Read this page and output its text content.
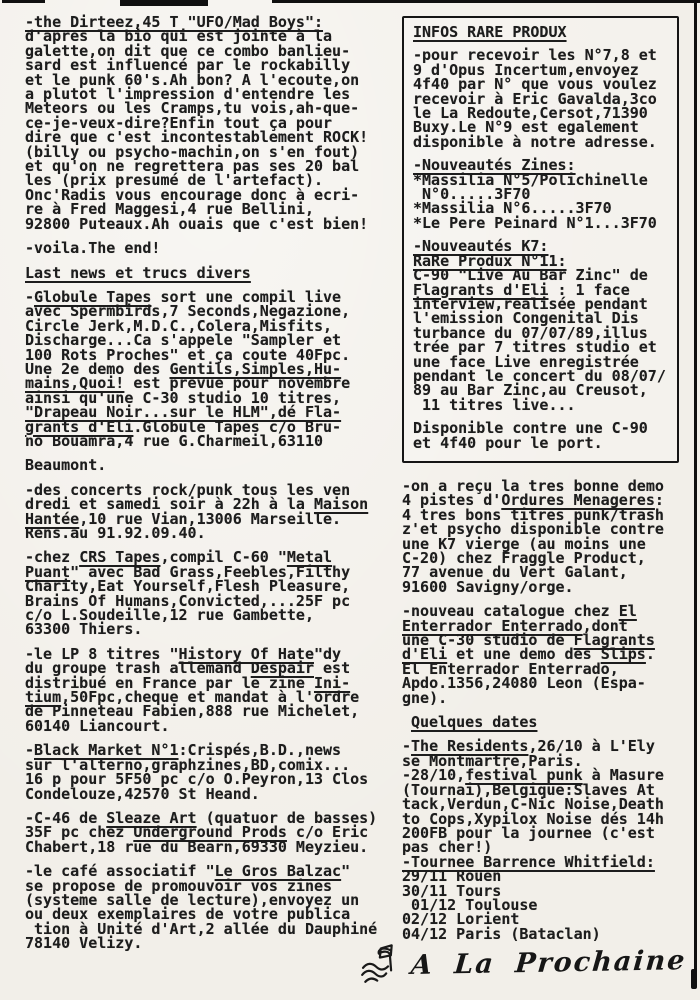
-the Dirteez,45 T "UFO/Mad Boys":
d'apres la bio qui est jointe à la
galette,on dit que ce combo banlieu-
sard est influencé par le rockabilly
et le punk 60's.Ah bon? A l'ecoute,on
a plutot l'impression d'entendre les
Meteors ou les Cramps,tu vois,ah-que-
ce-je-veux-dire?Enfin tout ça pour
dire que c'est incontestablement ROCK!
(billy ou psycho-machin,on s'en fout)
et qu'on ne regrettera pas ses 20 bal
les (prix presumé de l'artefact).
Onc'Radis vous encourage donc à ecri-
re à Fred Maggesi,4 rue Bellini,
92800 Puteaux.Ah ouais que c'est bien!

-voila.The end!

Last news et trucs divers

-Globule Tapes sort une compil live
avec Spermbirds,7 Seconds,Negazione,
Circle Jerk,M.D.C.,Colera,Misfits,
Discharge...Ca s'appele "Sampler et
100 Rots Proches" et ça coute 40Fpc.
Une 2e demo des Gentils,Simples,Hu-
mains,Quoi! est prevue pour novembre
ainsi qu'une C-30 studio 10 titres,
"Drapeau Noir...sur le HLM",dé Fla-
grants d'Eli.Globule Tapes c/o Bru-
no Bouamra,4 rue G.Charmeil,63110

Beaumont.

-des concerts rock/punk tous les ven
dredi et samedi soir à 22h à la Maison
Hantée,10 rue Vian,13006 Marseille.
Rens.au 91.92.09.40.

-chez CRS Tapes,compil C-60 "Metal
Puant" avec Bad Grass,Feebles,Filthy
Charity,Eat Yourself,Flesh Pleasure,
Brains Of Humans,Convicted,...25F pc
c/o L.Soudeille,12 rue Gambette,
63300 Thiers.

-le LP 8 titres "History Of Hate"dy
du groupe trash allemand Despair est
distribué en France par le zine Ini-
tium,50Fpc,cheque et mandat à l'ordre
de Pinneteau Fabien,888 rue Michelet,
60140 Liancourt.

-Black Market N°1:Crispés,B.D.,news
sur l'alterno,graphzines,BD,comix...
16 p pour 5F50 pc c/o O.Peyron,13 Clos
Condelouze,42570 St Heand.

-C-46 de Sleaze Art (quatuor de basses)
35F pc chez Underground Prods c/o Eric
Chabert,18 rue du Bearn,69330 Meyzieu.

-le café associatif "Le Gros Balzac"
se propose de promouvoir vos zines
(systeme salle de lecture),envoyez un
ou deux exemplaires de votre publica
tion à Unité d'Art,2 allée du Dauphiné
78140 Velizy.

INFOS RARE PRODUX

-pour recevoir les N°7,8 et
9 d'Opus Incertum,envoyez
4f40 par N° que vous voulez
recevoir à Eric Gavalda,3co
le La Redoute,Cersot,71390
Buxy.Le N°9 est egalement
disponible à notre adresse.

-Nouveautés Zines:
*Massilia N°5/Polichinelle
N°0.....3F70
*Massilia N°6.....3F70
*Le Pere Peinard N°1...3F70

-Nouveautés K7:
RaRe Produx N°11:
C-90 "Live Au Bar Zinc" de
Flagrants d'Eli : 1 face
interview,realisée pendant
l'emission Congenital Dis
turbance du 07/07/89,illus
trée par 7 titres studio et
une face Live enregistrée
pendant le concert du 08/07/
89 au Bar Zinc,au Creusot,
11 titres live...

Disponible contre une C-90
et 4f40 pour le port.

-on a reçu la tres bonne demo
4 pistes d'Ordures Menageres:
4 tres bons titres punk/trash
z'et psycho disponible contre
une K7 vierge (au moins une
C-20) chez Fraggle Product,
77 avenue du Vert Galant,
91600 Savigny/orge.

-nouveau catalogue chez El
Enterrador Enterrado,dont
une C-30 studio de Flagrants
d'Eli et une demo des Slips.
El Enterrador Enterrado,
Apdo.1356,24080 Leon (Espa-
gne).

Quelques dates

-The Residents,26/10 à L'Ely
se Montmartre,Paris.
-28/10,festival punk à Masure
(Tournai),Belgique:Slaves At
tack,Verdun,C-Nic Noise,Death
to Cops,Xypilox Noise dés 14h
200FB pour la journee (c'est
pas cher!)
-Tournee Barrence Whitfield:
29/11 Rouen
30/11 Tours
01/12 Toulouse
02/12 Lorient
04/12 Paris (Bataclan)

A La Prochaine
